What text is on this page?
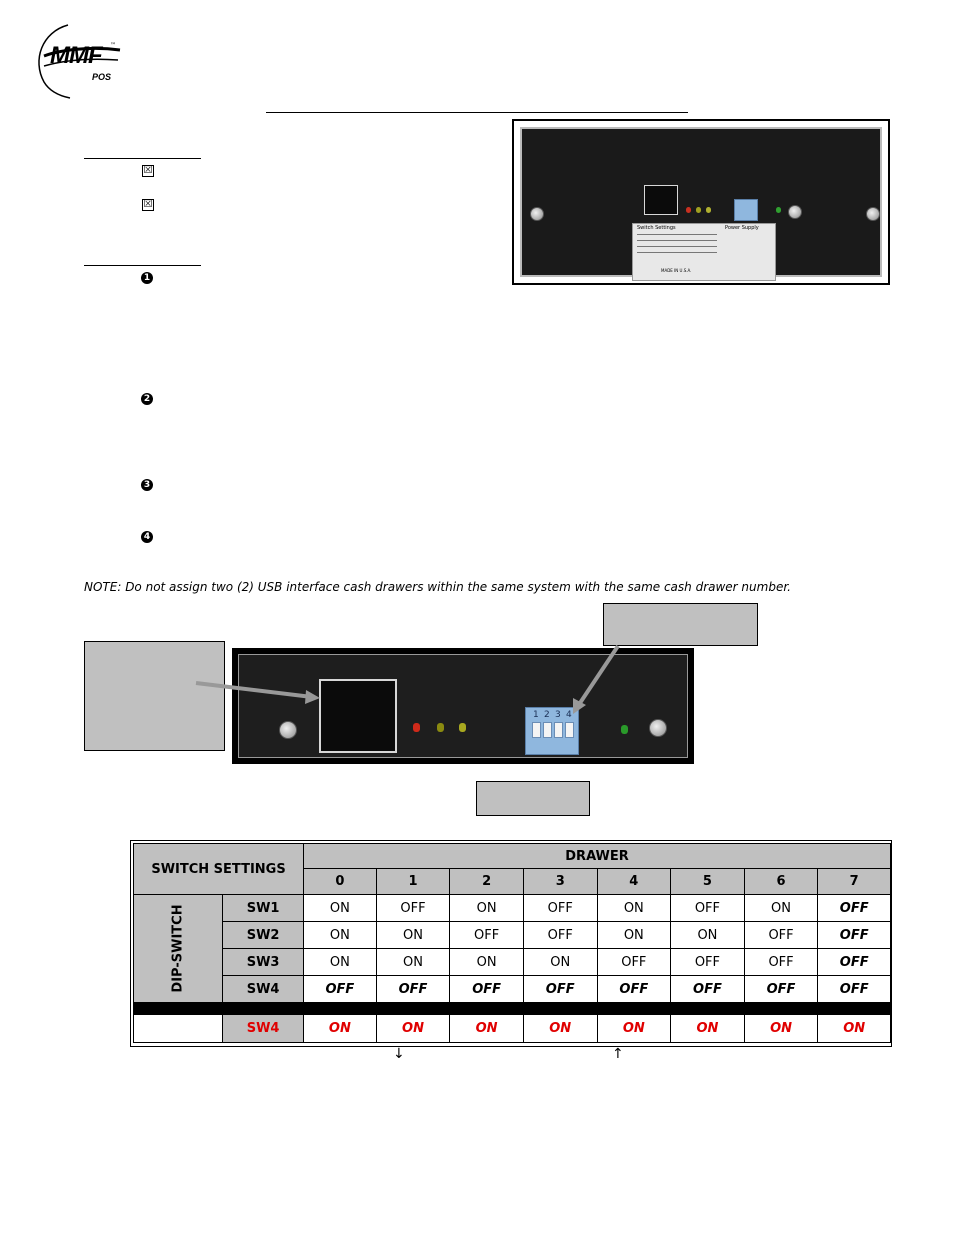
MMF ™
POS
☒
☒
1
2
3
4
Switch Settings	Power Supply
MADE IN U.S.A.
NOTE: Do not assign two (2) USB interface cash drawers within the same system with the same cash drawer number.
1 2 3 4
SWITCH SETTINGS		DRAWER							
		0	1	2	3	4	5	6	7
DIP-SWITCH	SW1	ON	OFF	ON	OFF	ON	OFF	ON	OFF
	SW2	ON	ON	OFF	OFF	ON	ON	OFF	OFF
	SW3	ON	ON	ON	ON	OFF	OFF	OFF	OFF
	SW4	OFF	OFF	OFF	OFF	OFF	OFF	OFF	OFF

	SW4	ON	ON	ON	ON	ON	ON	ON	ON
↓	↑
